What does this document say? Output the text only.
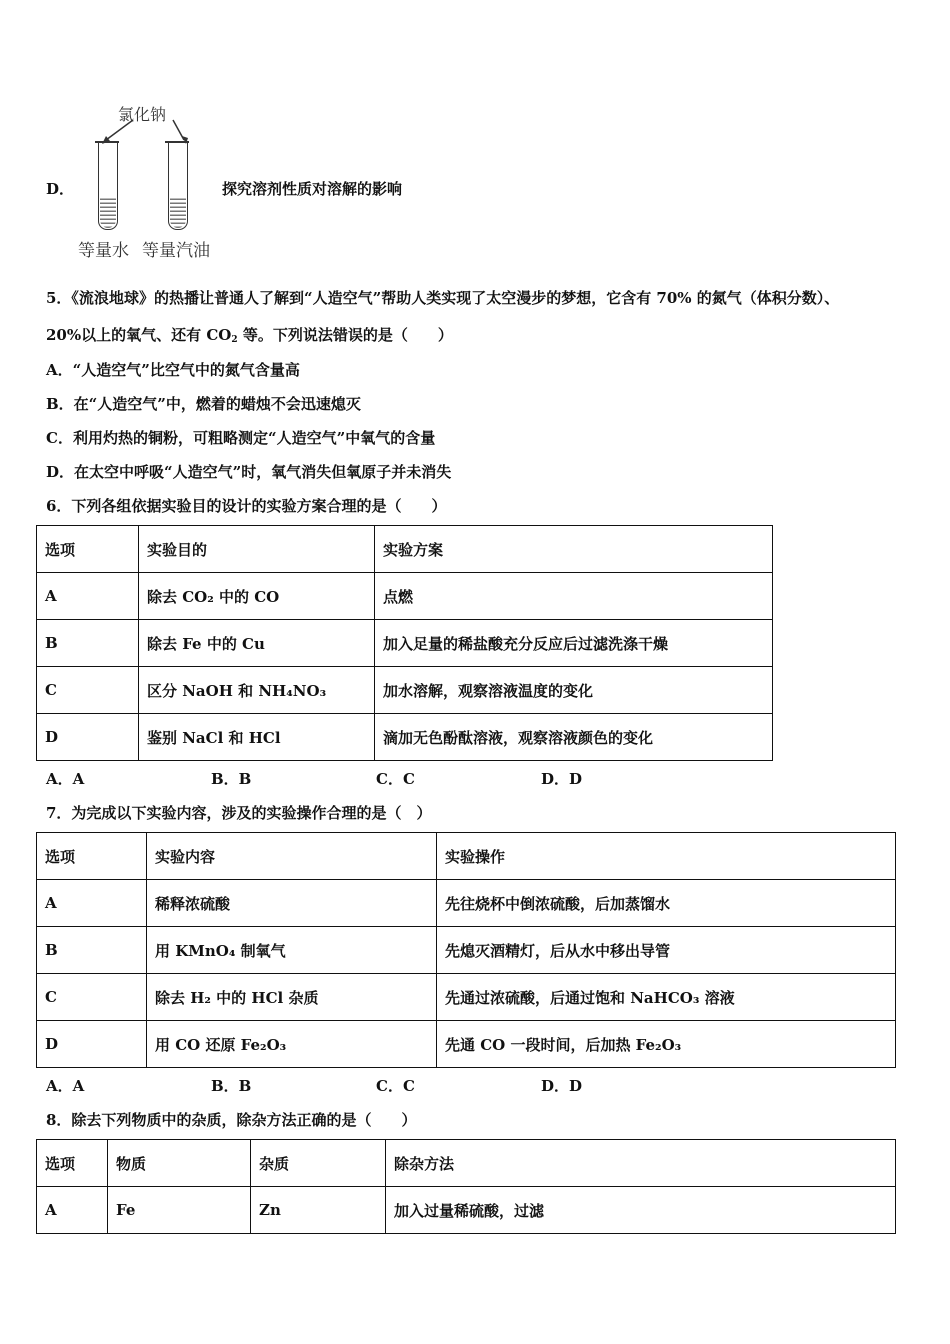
D．
氯化钠
等量水 等量汽油
探究溶剂性质对溶解的影响
5．《流浪地球》的热播让普通人了解到“人造空气”帮助人类实现了太空漫步的梦想，它含有 70% 的氮气（体积分数）、
20%以上的氧气、还有 $CO_2$ 等。下列说法错误的是（　　）
A．“人造空气”比空气中的氮气含量高
B．在“人造空气”中，燃着的蜡烛不会迅速熄灭
C．利用灼热的铜粉，可粗略测定“人造空气”中氧气的含量
D．在太空中呼吸“人造空气”时，氧气消失但氧原子并未消失
6．下列各组依据实验目的设计的实验方案合理的是（　　）
选项	实验目的	实验方案
A	除去 CO₂ 中的 CO	点燃
B	除去 Fe 中的 Cu	加入足量的稀盐酸充分反应后过滤洗涤干燥
C	区分 NaOH 和 NH₄NO₃	加水溶解，观察溶液温度的变化
D	鉴别 NaCl 和 HCl	滴加无色酚酞溶液，观察溶液颜色的变化
A．A	B．B	C．C	D．D
7．为完成以下实验内容，涉及的实验操作合理的是（　）
选项	实验内容	实验操作
A	稀释浓硫酸	先往烧杯中倒浓硫酸，后加蒸馏水
B	用 KMnO₄ 制氧气	先熄灭酒精灯，后从水中移出导管
C	除去 H₂ 中的 HCl 杂质	先通过浓硫酸，后通过饱和 NaHCO₃ 溶液
D	用 CO 还原 Fe₂O₃	先通 CO 一段时间，后加热 Fe₂O₃
A．A	B．B	C．C	D．D
8．除去下列物质中的杂质，除杂方法正确的是（　　）
选项	物质	杂质	除杂方法
A	Fe	Zn	加入过量稀硫酸，过滤
